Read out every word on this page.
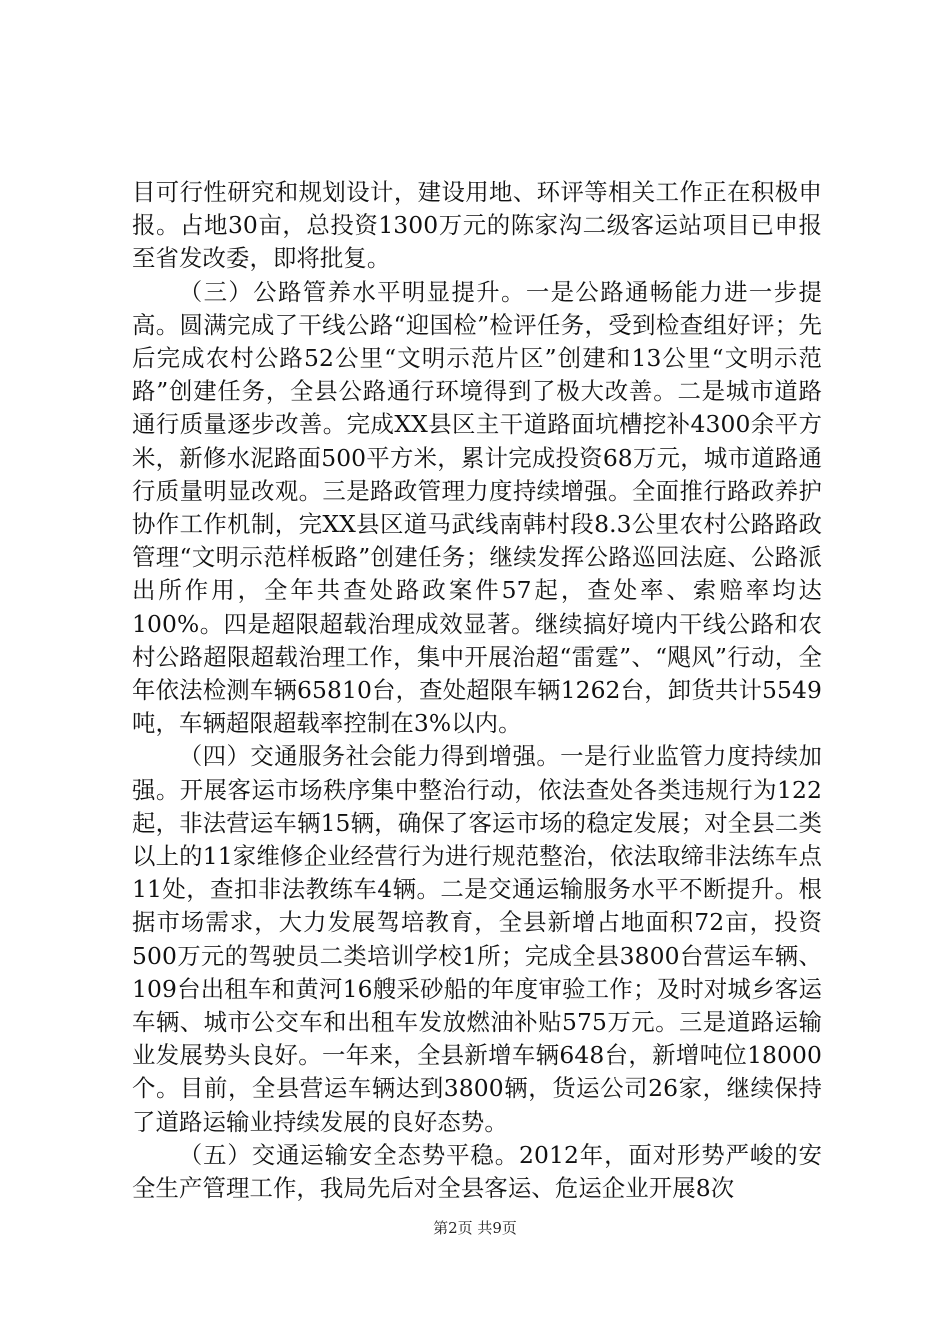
目可行性研究和规划设计，建设用地、环评等相关工作正在积极申报。占地30亩，总投资1300万元的陈家沟二级客运站项目已申报至省发改委，即将批复。

（三）公路管养水平明显提升。一是公路通畅能力进一步提高。圆满完成了干线公路“迎国检”检评任务，受到检查组好评；先后完成农村公路52公里“文明示范片区”创建和13公里“文明示范路”创建任务，全县公路通行环境得到了极大改善。二是城市道路通行质量逐步改善。完成XX县区主干道路面坑槽挖补4300余平方米，新修水泥路面500平方米，累计完成投资68万元，城市道路通行质量明显改观。三是路政管理力度持续增强。全面推行路政养护协作工作机制，完XX县区道马武线南韩村段8.3公里农村公路路政管理“文明示范样板路”创建任务；继续发挥公路巡回法庭、公路派出所作用，全年共查处路政案件57起，查处率、索赔率均达100%。四是超限超载治理成效显著。继续搞好境内干线公路和农村公路超限超载治理工作，集中开展治超“雷霆”、“飓风”行动，全年依法检测车辆65810台，查处超限车辆1262台，卸货共计5549吨，车辆超限超载率控制在3%以内。

（四）交通服务社会能力得到增强。一是行业监管力度持续加强。开展客运市场秩序集中整治行动，依法查处各类违规行为122起，非法营运车辆15辆，确保了客运市场的稳定发展；对全县二类以上的11家维修企业经营行为进行规范整治，依法取缔非法练车点11处，查扣非法教练车4辆。二是交通运输服务水平不断提升。根据市场需求，大力发展驾培教育，全县新增占地面积72亩，投资500万元的驾驶员二类培训学校1所；完成全县3800台营运车辆、109台出租车和黄河16艘采砂船的年度审验工作；及时对城乡客运车辆、城市公交车和出租车发放燃油补贴575万元。三是道路运输业发展势头良好。一年来，全县新增车辆648台，新增吨位18000个。目前，全县营运车辆达到3800辆，货运公司26家，继续保持了道路运输业持续发展的良好态势。

（五）交通运输安全态势平稳。2012年，面对形势严峻的安全生产管理工作，我局先后对全县客运、危运企业开展8次

第2页 共9页
